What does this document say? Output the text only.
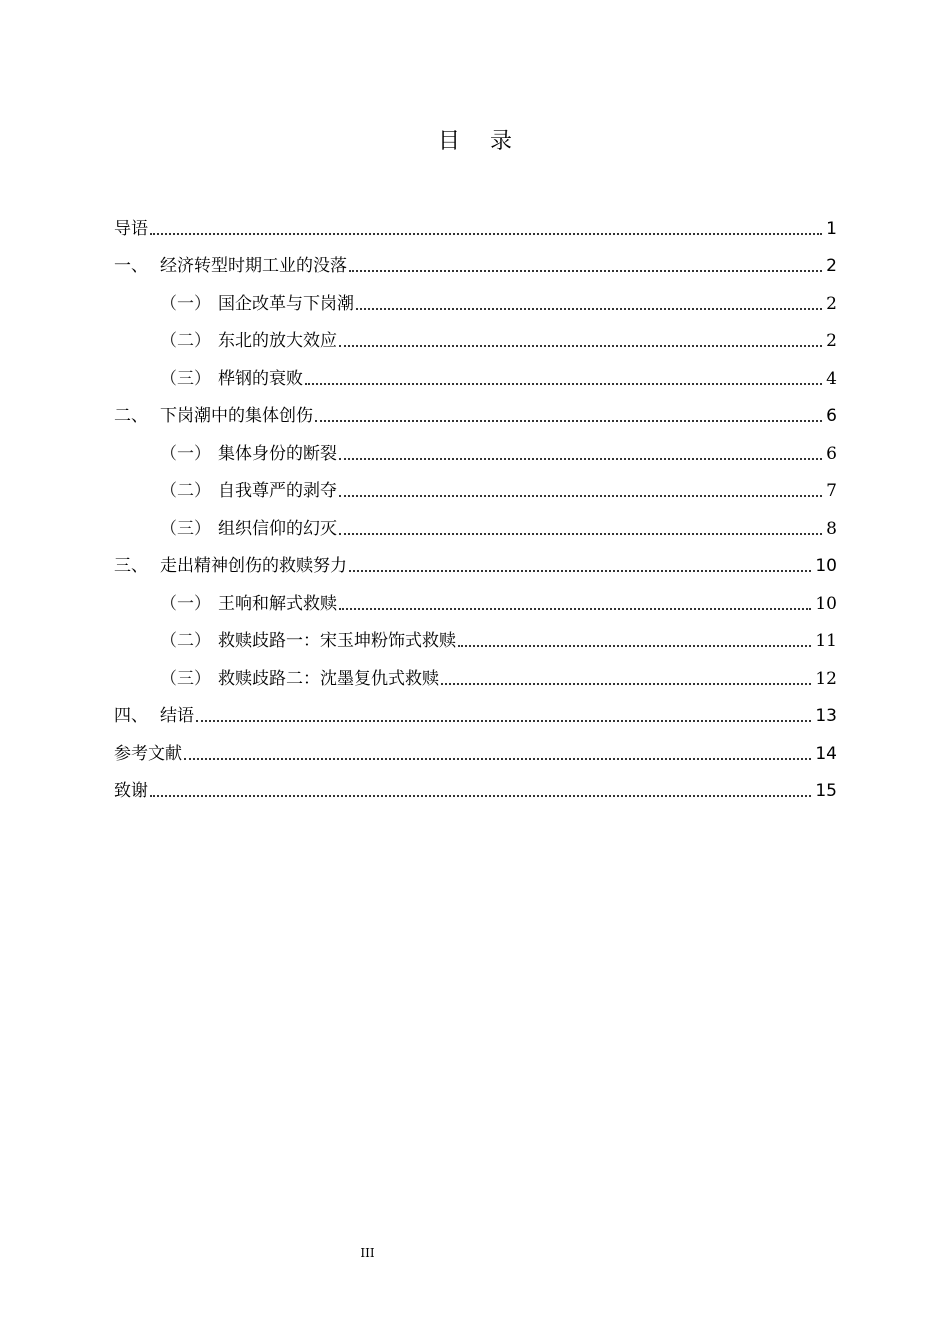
目 录
导语	1
一、 经济转型时期工业的没落	2
（一） 国企改革与下岗潮	2
（二） 东北的放大效应	2
（三） 桦钢的衰败	4
二、 下岗潮中的集体创伤	6
（一） 集体身份的断裂	6
（二） 自我尊严的剥夺	7
（三） 组织信仰的幻灭	8
三、 走出精神创伤的救赎努力	10
（一） 王响和解式救赎	10
（二） 救赎歧路一：宋玉坤粉饰式救赎	11
（三） 救赎歧路二：沈墨复仇式救赎	12
四、 结语	13
参考文献	14
致谢	15
III
